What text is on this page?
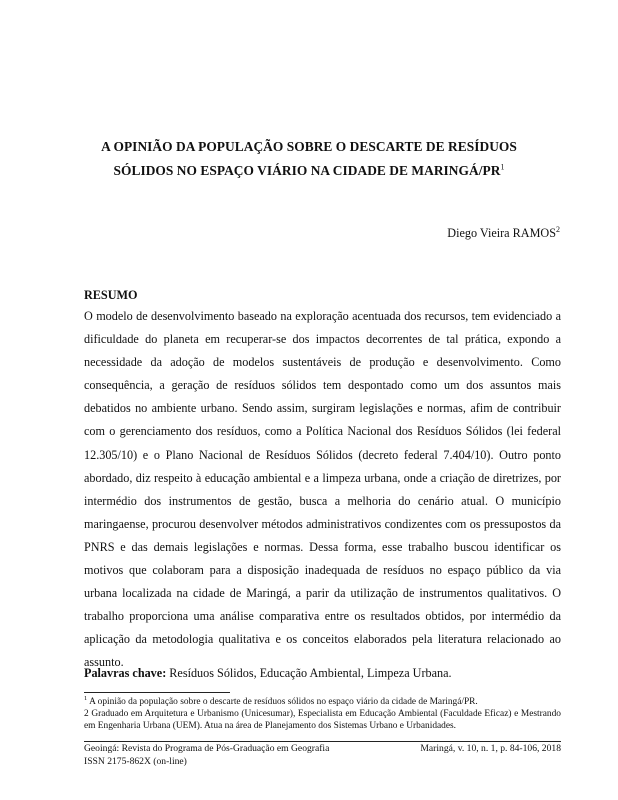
A OPINIÃO DA POPULAÇÃO SOBRE O DESCARTE DE RESÍDUOS
SÓLIDOS NO ESPAÇO VIÁRIO NA CIDADE DE MARINGÁ/$PR^1$
Diego Vieira RAMOS$^2$
RESUMO

O modelo de desenvolvimento baseado na exploração acentuada dos recursos, tem evidenciado a dificuldade do planeta em recuperar-se dos impactos decorrentes de tal prática, expondo a necessidade da adoção de modelos sustentáveis de produção e desenvolvimento. Como consequência, a geração de resíduos sólidos tem despontado como um dos assuntos mais debatidos no ambiente urbano. Sendo assim, surgiram legislações e normas, afim de contribuir com o gerenciamento dos resíduos, como a Política Nacional dos Resíduos Sólidos (lei federal 12.305/10) e o Plano Nacional de Resíduos Sólidos (decreto federal 7.404/10). Outro ponto abordado, diz respeito à educação ambiental e a limpeza urbana, onde a criação de diretrizes, por intermédio dos instrumentos de gestão, busca a melhoria do cenário atual. O município maringaense, procurou desenvolver métodos administrativos condizentes com os pressupostos da PNRS e das demais legislações e normas. Dessa forma, esse trabalho buscou identificar os motivos que colaboram para a disposição inadequada de resíduos no espaço público da via urbana localizada na cidade de Maringá, a parir da utilização de instrumentos qualitativos. O trabalho proporciona uma análise comparativa entre os resultados obtidos, por intermédio da aplicação da metodologia qualitativa e os conceitos elaborados pela literatura relacionado ao assunto.

Palavras chave: Resíduos Sólidos, Educação Ambiental, Limpeza Urbana.

$^1$ A opinião da população sobre o descarte de resíduos sólidos no espaço viário da cidade de Maringá/PR.

2 Graduado em Arquitetura e Urbanismo (Unicesumar), Especialista em Educação Ambiental (Faculdade Eficaz) e Mestrando em Engenharia Urbana (UEM). Atua na área de Planejamento dos Sistemas Urbano e Urbanidades.

Geoingá: Revista do Programa de Pós-Graduação em Geografia	Maringá, v. 10, n. 1, p. 84-106, 2018
ISSN 2175-862X (on-line)
